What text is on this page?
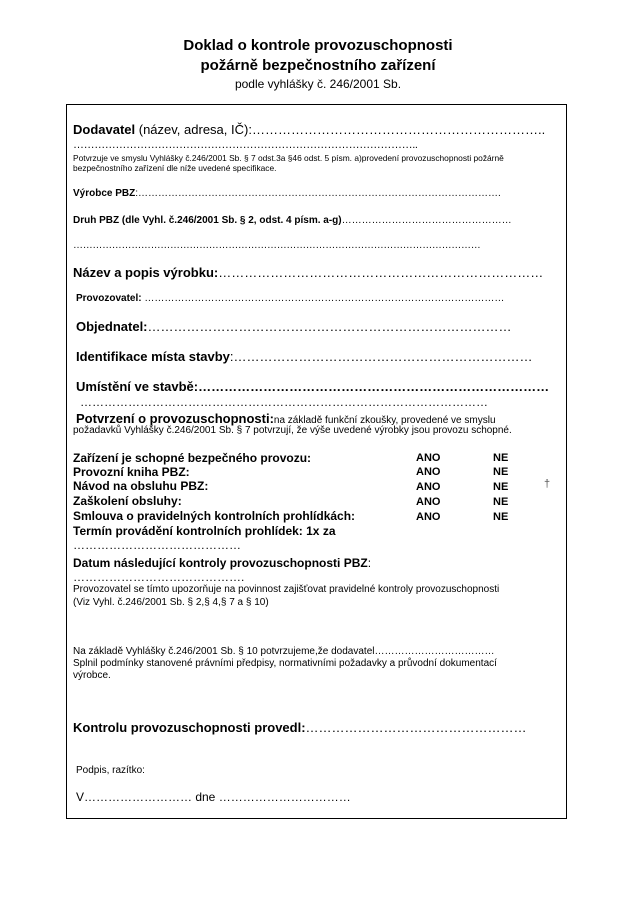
Doklad o kontrole provozuschopnosti
požárně bezpečnostního zařízení
podle vyhlášky č. 246/2001 Sb.
Dodavatel (název, adresa, IČ):…………………………………………………………..
……………………………………………………………………………………..
Potvrzuje ve smyslu Vyhlášky č.246/2001 Sb. § 7 odst.3a §46 odst. 5 písm. a)provedení provozuschopnosti požárně
bezpečnostního zařízení dle níže uvedené specifikace.
Výrobce PBZ:……………………………………………………………………………………………….
Druh PBZ (dle Vyhl. č.246/2001 Sb. § 2, odst. 4 písm. a-g)……………………………………………
………………………………………………………………………………………………………………
Název a popis výrobku:…………………………………………………………………
Provozovatel: ………………………………………………………………………………………………
Objednatel:…………………………………………………………………………
Identifikace místa stavby:……………………………………………………………
Umístění ve stavbě:………………………………………………………………………
…………………………………………………………………………………………
Potvrzení o provozuschopnosti:na základě funkční zkoušky, provedené ve smyslu
požadavků Vyhlášky č.246/2001 Sb. § 7 potvrzují, že výše uvedené výrobky jsou provozu schopné.
Zařízení je schopné bezpečného provozu:	ANO	NE
Provozní kniha PBZ:	ANO	NE
Návod na obsluhu PBZ:	ANO	NE
Zaškolení obsluhy:	ANO	NE
Smlouva o pravidelných kontrolních prohlídkách:	ANO	NE
†
Termín provádění kontrolních prohlídek: 1x za
……………………………………
Datum následující kontroly provozuschopnosti PBZ:
…………………………………….
Provozovatel se tímto upozorňuje na povinnost zajišťovat pravidelné kontroly provozuschopnosti
(Viz Vyhl. č.246/2001 Sb. § 2,§ 4,§ 7 a § 10)
Na základě Vyhlášky č.246/2001 Sb. § 10 potvrzujeme,že dodavatel………………………………
Splnil podmínky stanovené právními předpisy, normativními požadavky a průvodní dokumentací
výrobce.
Kontrolu provozuschopnosti provedl:……………………………………………
Podpis, razítko:
V……………………… dne ……………………………
